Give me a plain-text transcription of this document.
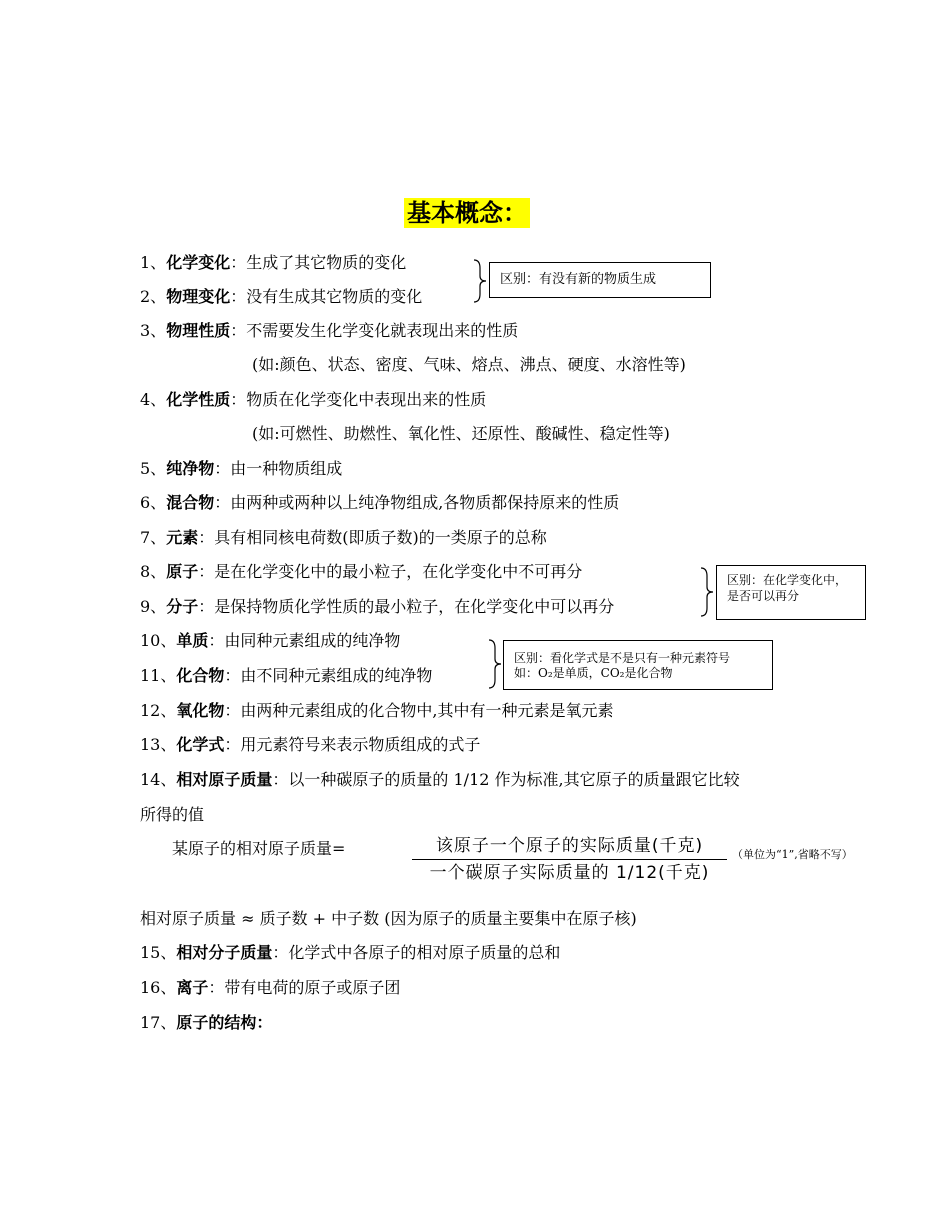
基本概念：
1、化学变化：生成了其它物质的变化
2、物理变化：没有生成其它物质的变化
3、物理性质：不需要发生化学变化就表现出来的性质
(如:颜色、状态、密度、气味、熔点、沸点、硬度、水溶性等)
4、化学性质：物质在化学变化中表现出来的性质
(如:可燃性、助燃性、氧化性、还原性、酸碱性、稳定性等)
5、纯净物：由一种物质组成
6、混合物：由两种或两种以上纯净物组成,各物质都保持原来的性质
7、元素：具有相同核电荷数(即质子数)的一类原子的总称
8、原子：是在化学变化中的最小粒子，在化学变化中不可再分
9、分子：是保持物质化学性质的最小粒子，在化学变化中可以再分
10、单质：由同种元素组成的纯净物
11、化合物：由不同种元素组成的纯净物
12、氧化物：由两种元素组成的化合物中,其中有一种元素是氧元素
13、化学式：用元素符号来表示物质组成的式子
14、相对原子质量：以一种碳原子的质量的 1/12 作为标准,其它原子的质量跟它比较
所得的值
某原子的相对原子质量=	该原子一个原子的实际质量(千克)
一个碳原子实际质量的 1/12(千克)
（单位为“1”,省略不写）
相对原子质量 ≈ 质子数 + 中子数 (因为原子的质量主要集中在原子核)
15、相对分子质量：化学式中各原子的相对原子质量的总和
16、离子：带有电荷的原子或原子团
17、原子的结构：
区别：有没有新的物质生成
区别：在化学变化中，
是否可以再分
区别：看化学式是不是只有一种元素符号
如：O₂是单质，CO₂是化合物
